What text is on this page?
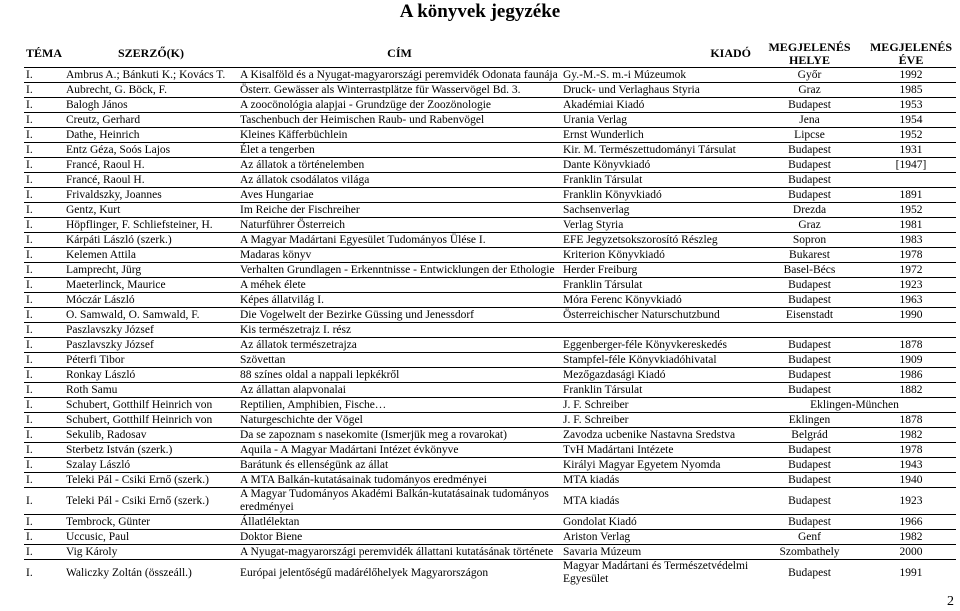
A könyvek jegyzéke
TÉMA	SZERZŐ(K)	CÍM	KIADÓ	MEGJELENÉS HELYE	MEGJELENÉS ÉVE
I.	Ambrus A.; Bánkuti K.; Kovács T.	A Kisalföld és a Nyugat-magyarországi peremvidék Odonata faunája	Gy.-M.-S. m.-i Múzeumok	Győr	1992
I.	Aubrecht, G. Böck, F.	Österr. Gewässer als Winterrastplätze für Wasservögel Bd. 3.	Druck- und Verlaghaus Styria	Graz	1985
I.	Balogh János	A zoocönológia alapjai - Grundzüge der Zoozönologie	Akadémiai Kiadó	Budapest	1953
I.	Creutz, Gerhard	Taschenbuch der Heimischen Raub- und Rabenvögel	Urania Verlag	Jena	1954
I.	Dathe, Heinrich	Kleines Käfferbüchlein	Ernst Wunderlich	Lipcse	1952
I.	Entz Géza, Soós Lajos	Élet a tengerben	Kir. M. Természettudományi Társulat	Budapest	1931
I.	Francé, Raoul H.	Az állatok a történelemben	Dante Könyvkiadó	Budapest	[1947]
I.	Francé, Raoul H.	Az állatok csodálatos világa	Franklin Társulat	Budapest	
I.	Frivaldszky, Joannes	Aves Hungariae	Franklin Könyvkiadó	Budapest	1891
I.	Gentz, Kurt	Im Reiche der Fischreiher	Sachsenverlag	Drezda	1952
I.	Höpflinger, F. Schliefsteiner, H.	Naturführer Österreich	Verlag Styria	Graz	1981
I.	Kárpáti László (szerk.)	A Magyar Madártani Egyesület Tudományos Ülése I.	EFE Jegyzetsokszorosító Részleg	Sopron	1983
I.	Kelemen Attila	Madaras könyv	Kriterion Könyvkiadó	Bukarest	1978
I.	Lamprecht, Jürg	Verhalten Grundlagen - Erkenntnisse - Entwicklungen der Ethologie	Herder Freiburg	Basel-Bécs	1972
I.	Maeterlinck, Maurice	A méhek élete	Franklin Társulat	Budapest	1923
I.	Móczár László	Képes állatvilág I.	Móra Ferenc Könyvkiadó	Budapest	1963
I.	O. Samwald, O. Samwald, F.	Die Vogelwelt der Bezirke Güssing und Jenessdorf	Österreichischer Naturschutzbund	Eisenstadt	1990
I.	Paszlavszky József	Kis természetrajz I. rész			
I.	Paszlavszky József	Az állatok természetrajza	Eggenberger-féle Könyvkereskedés	Budapest	1878
I.	Péterfi Tibor	Szövettan	Stampfel-féle Könyvkiadóhivatal	Budapest	1909
I.	Ronkay László	88 színes oldal a nappali lepkékről	Mezőgazdasági Kiadó	Budapest	1986
I.	Roth Samu	Az állattan alapvonalai	Franklin Társulat	Budapest	1882
I.	Schubert, Gotthilf Heinrich von	Reptilien, Amphibien, Fische…	J. F. Schreiber	Eklingen-München	
I.	Schubert, Gotthilf Heinrich von	Naturgeschichte der Vögel	J. F. Schreiber	Eklingen	1878
I.	Sekulib, Radosav	Da se zapoznam s nasekomite (Ismerjük meg a rovarokat)	Zavodza ucbenike Nastavna Sredstva	Belgrád	1982
I.	Sterbetz István (szerk.)	Aquila - A Magyar Madártani Intézet évkönyve	TvH Madártani Intézete	Budapest	1978
I.	Szalay László	Barátunk és ellenségünk az állat	Királyi Magyar Egyetem Nyomda	Budapest	1943
I.	Teleki Pál - Csiki Ernő (szerk.)	A MTA Balkán-kutatásainak tudományos eredményei	MTA kiadás	Budapest	1940
I.	Teleki Pál - Csiki Ernő (szerk.)	A Magyar Tudományos Akadémi Balkán-kutatásainak tudományos eredményei	MTA kiadás	Budapest	1923
I.	Tembrock, Günter	Állatlélektan	Gondolat Kiadó	Budapest	1966
I.	Uccusic, Paul	Doktor Biene	Ariston Verlag	Genf	1982
I.	Vig Károly	A Nyugat-magyarországi peremvidék állattani kutatásának története	Savaria Múzeum	Szombathely	2000
I.	Waliczky Zoltán (összeáll.)	Európai jelentőségű madárélőhelyek Magyarországon	Magyar Madártani és Természetvédelmi Egyesület	Budapest	1991
2
